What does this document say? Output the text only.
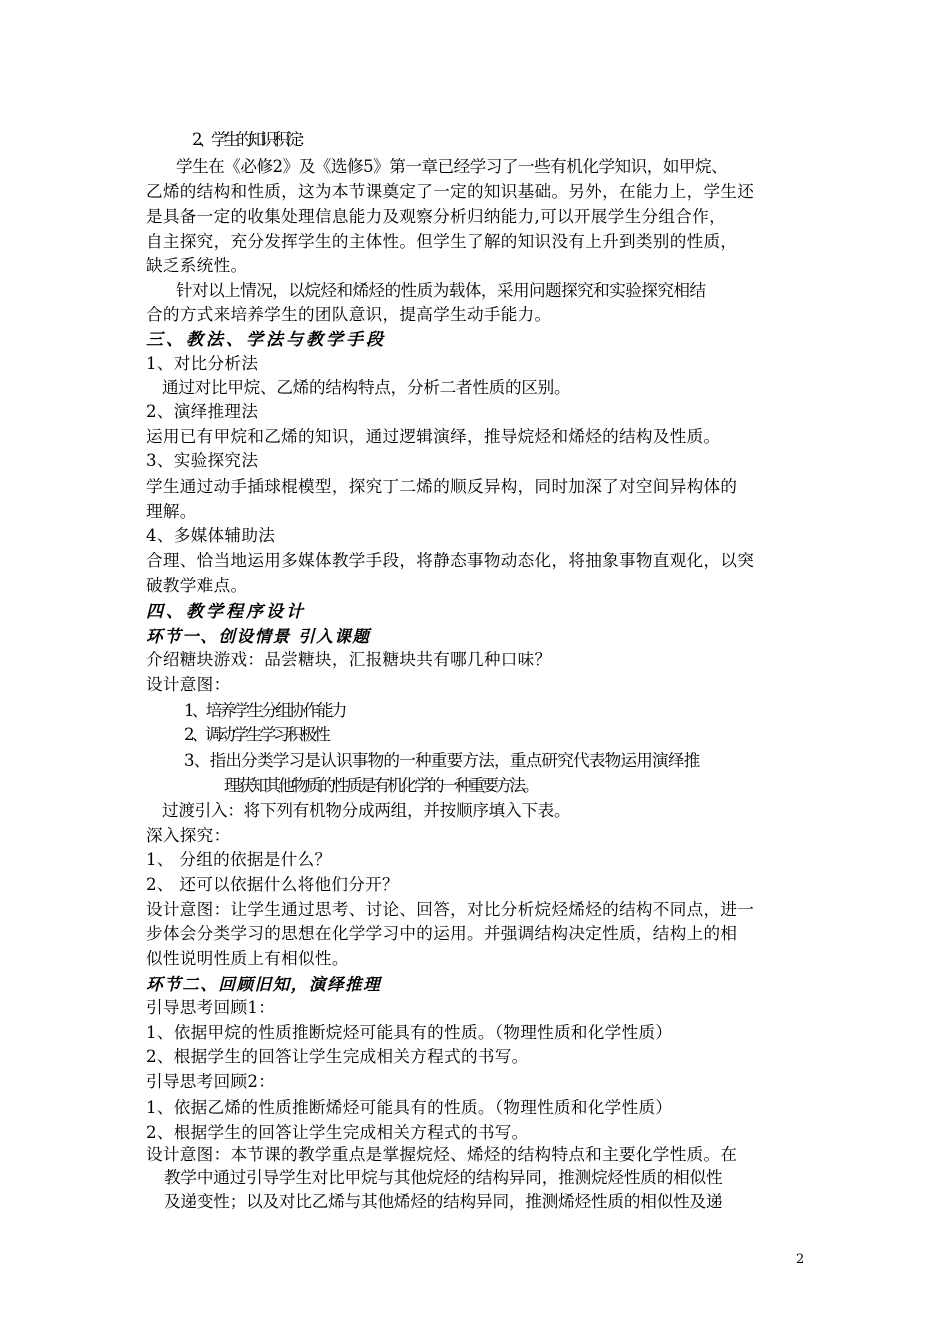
2、学生的知识积淀：
学生在《必修2》及《选修5》第一章已经学习了一些有机化学知识，如甲烷、
乙烯的结构和性质，这为本节课奠定了一定的知识基础。另外，在能力上，学生还
是具备一定的收集处理信息能力及观察分析归纳能力,可以开展学生分组合作，
自主探究，充分发挥学生的主体性。但学生了解的知识没有上升到类别的性质，
缺乏系统性。
针对以上情况，以烷烃和烯烃的性质为载体，采用问题探究和实验探究相结
合的方式来培养学生的团队意识，提高学生动手能力。
三、教法、学法与教学手段
1、对比分析法
通过对比甲烷、乙烯的结构特点，分析二者性质的区别。
2、演绎推理法
运用已有甲烷和乙烯的知识，通过逻辑演绎，推导烷烃和烯烃的结构及性质。
3、实验探究法
学生通过动手插球棍模型，探究丁二烯的顺反异构，同时加深了对空间异构体的
理解。
4、多媒体辅助法
合理、恰当地运用多媒体教学手段，将静态事物动态化，将抽象事物直观化，以突
破教学难点。
四、教学程序设计
环节一、创设情景 引入课题
介绍糖块游戏：品尝糖块，汇报糖块共有哪几种口味？
设计意图：
1、培养学生分组协作能力
2、调动学生学习积极性
3、指出分类学习是认识事物的一种重要方法，重点研究代表物运用演绎推
理获知其他物质的性质是有机化学的一种重要方法。
过渡引入：将下列有机物分成两组，并按顺序填入下表。
深入探究：
1、 分组的依据是什么？
2、 还可以依据什么将他们分开？
设计意图：让学生通过思考、讨论、回答，对比分析烷烃烯烃的结构不同点，进一
步体会分类学习的思想在化学学习中的运用。并强调结构决定性质，结构上的相
似性说明性质上有相似性。
环节二、回顾旧知，演绎推理
引导思考回顾1：
1、依据甲烷的性质推断烷烃可能具有的性质。（物理性质和化学性质）
2、根据学生的回答让学生完成相关方程式的书写。
引导思考回顾2：
1、依据乙烯的性质推断烯烃可能具有的性质。（物理性质和化学性质）
2、根据学生的回答让学生完成相关方程式的书写。
设计意图：本节课的教学重点是掌握烷烃、烯烃的结构特点和主要化学性质。在
教学中通过引导学生对比甲烷与其他烷烃的结构异同，推测烷烃性质的相似性
及递变性；以及对比乙烯与其他烯烃的结构异同，推测烯烃性质的相似性及递
2
